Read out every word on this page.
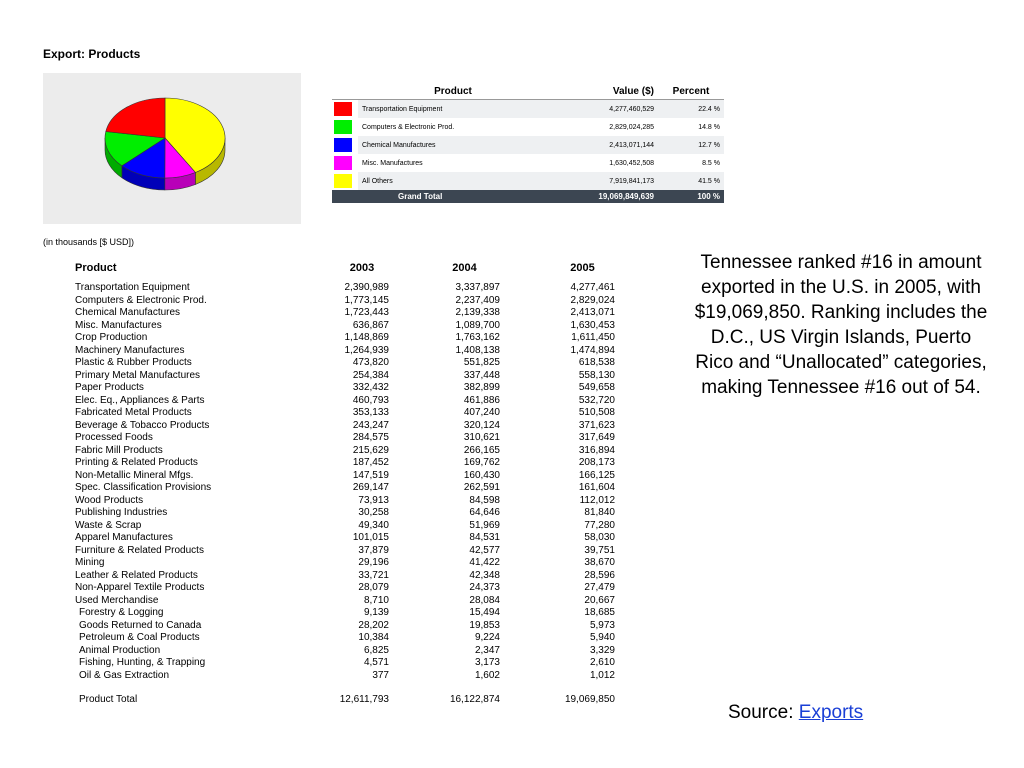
Export: Products
	Product	Value ($)	Percent

	Transportation Equipment	4,277,460,529	22.4 %

	Computers & Electronic Prod.	2,829,024,285	14.8 %

	Chemical Manufactures	2,413,071,144	12.7 %

	Misc. Manufactures	1,630,452,508	8.5 %

	All Others	7,919,841,173	41.5 %
	Grand Total	19,069,849,639	100 %
(in thousands [$ USD])
Product	2003	2004	2005
Transportation Equipment	2,390,989	3,337,897	4,277,461
Computers & Electronic Prod.	1,773,145	2,237,409	2,829,024
Chemical Manufactures	1,723,443	2,139,338	2,413,071
Misc. Manufactures	636,867	1,089,700	1,630,453
Crop Production	1,148,869	1,763,162	1,611,450
Machinery Manufactures	1,264,939	1,408,138	1,474,894
Plastic & Rubber Products	473,820	551,825	618,538
Primary Metal Manufactures	254,384	337,448	558,130
Paper Products	332,432	382,899	549,658
Elec. Eq., Appliances & Parts	460,793	461,886	532,720
Fabricated Metal Products	353,133	407,240	510,508
Beverage & Tobacco Products	243,247	320,124	371,623
Processed Foods	284,575	310,621	317,649
Fabric Mill Products	215,629	266,165	316,894
Printing & Related Products	187,452	169,762	208,173
Non-Metallic Mineral Mfgs.	147,519	160,430	166,125
Spec. Classification Provisions	269,147	262,591	161,604
Wood Products	73,913	84,598	112,012
Publishing Industries	30,258	64,646	81,840
Waste & Scrap	49,340	51,969	77,280
Apparel Manufactures	101,015	84,531	58,030
Furniture & Related Products	37,879	42,577	39,751
Mining	29,196	41,422	38,670
Leather & Related Products	33,721	42,348	28,596
Non-Apparel Textile Products	28,079	24,373	27,479
Used Merchandise	8,710	28,084	20,667
Forestry & Logging	9,139	15,494	18,685
Goods Returned to Canada	28,202	19,853	5,973
Petroleum & Coal Products	10,384	9,224	5,940
Animal Production	6,825	2,347	3,329
Fishing, Hunting, & Trapping	4,571	3,173	2,610
Oil & Gas Extraction	377	1,602	1,012

Product Total	12,611,793	16,122,874	19,069,850
Tennessee ranked #16 in amount exported in the U.S. in 2005, with $19,069,850. Ranking includes the D.C., US Virgin Islands, Puerto Rico and “Unallocated” categories, making Tennessee #16 out of 54.
Source: Exports
